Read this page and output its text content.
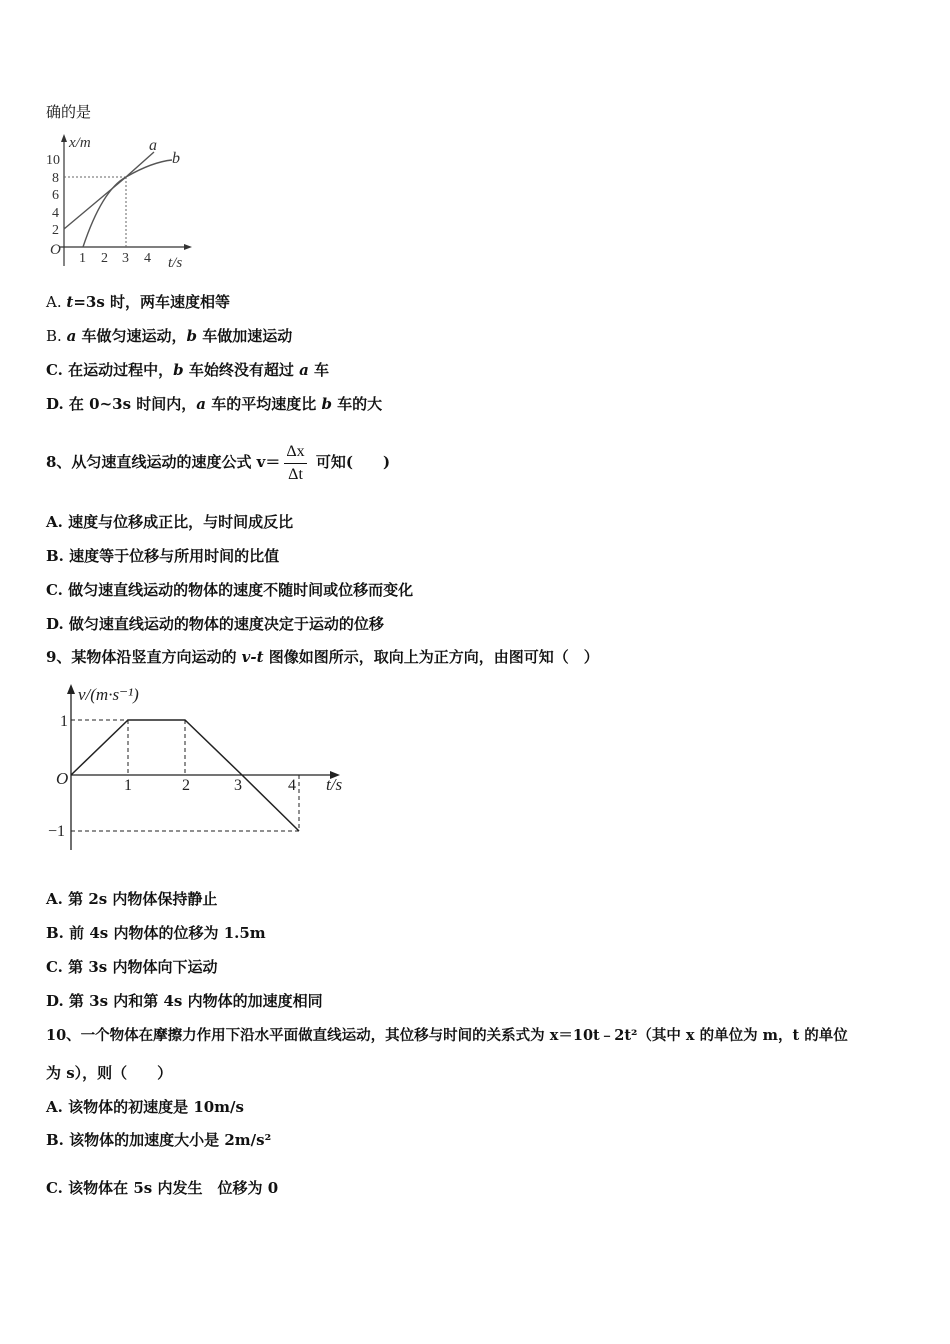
确的是
x/m
t/s
O
10
8
6
4
2
1 2 3 4
a
b
A. t=3s 时，两车速度相等
B. a 车做匀速运动，b 车做加速运动
C. 在运动过程中，b 车始终没有超过 a 车
D. 在 0~3s 时间内，a 车的平均速度比 b 车的大
8、从匀速直线运动的速度公式 $v= \frac{\Delta x}{\Delta t}$ 可知(　　)
A. 速度与位移成正比，与时间成反比
B. 速度等于位移与所用时间的比值
C. 做匀速直线运动的物体的速度不随时间或位移而变化
D. 做匀速直线运动的物体的速度决定于运动的位移
9、某物体沿竖直方向运动的 v-t 图像如图所示，取向上为正方向，由图可知（　）
v/(m·s⁻¹)
t/s
O
1
−1
1	2	3	4
A. 第 2s 内物体保持静止
B. 前 4s 内物体的位移为 1.5m
C. 第 3s 内物体向下运动
D. 第 3s 内和第 4s 内物体的加速度相同
10、一个物体在摩擦力作用下沿水平面做直线运动，其位移与时间的关系式为 x＝10t﹣2t²（其中 x 的单位为 m，t 的单位
为 s），则（　　）
A. 该物体的初速度是 10m/s
B. 该物体的加速度大小是 2m/s²
C. 该物体在 5s 内发生　位移为 0
